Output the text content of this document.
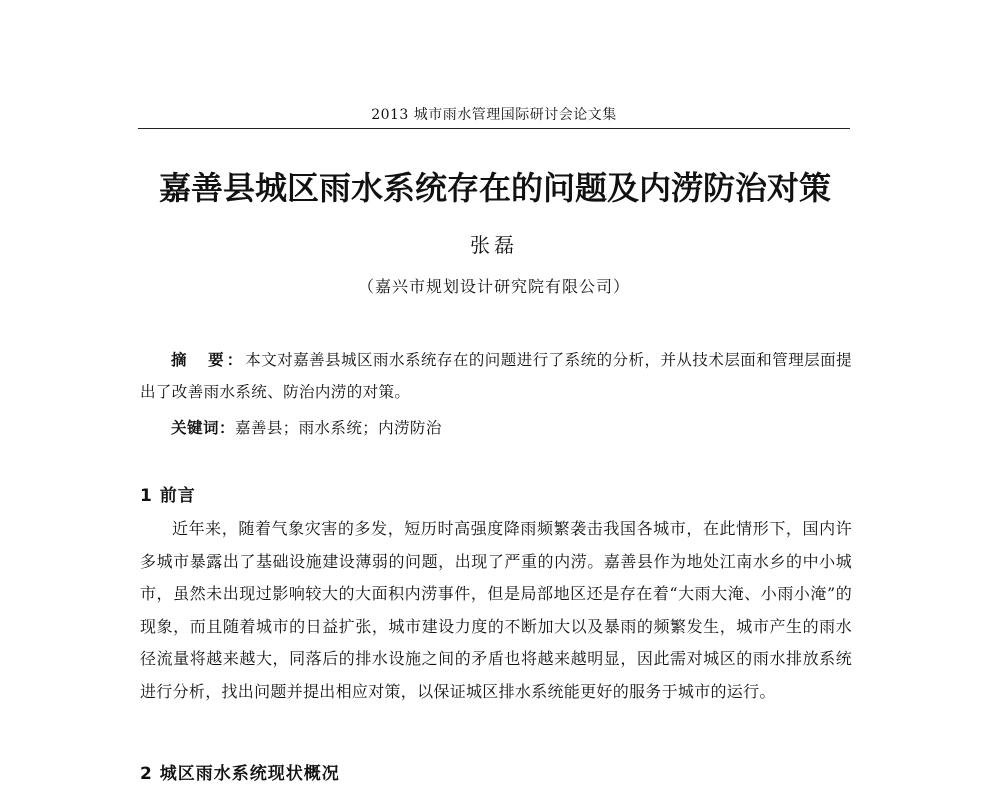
2013 城市雨水管理国际研讨会论文集
嘉善县城区雨水系统存在的问题及内涝防治对策
张磊
（嘉兴市规划设计研究院有限公司）
摘　要：本文对嘉善县城区雨水系统存在的问题进行了系统的分析，并从技术层面和管理层面提出了改善雨水系统、防治内涝的对策。
关键词：嘉善县；雨水系统；内涝防治
1 前言
近年来，随着气象灾害的多发，短历时高强度降雨频繁袭击我国各城市，在此情形下，国内许多城市暴露出了基础设施建设薄弱的问题，出现了严重的内涝。嘉善县作为地处江南水乡的中小城市，虽然未出现过影响较大的大面积内涝事件，但是局部地区还是存在着“大雨大淹、小雨小淹”的现象，而且随着城市的日益扩张，城市建设力度的不断加大以及暴雨的频繁发生，城市产生的雨水径流量将越来越大，同落后的排水设施之间的矛盾也将越来越明显，因此需对城区的雨水排放系统进行分析，找出问题并提出相应对策，以保证城区排水系统能更好的服务于城市的运行。
2 城区雨水系统现状概况
